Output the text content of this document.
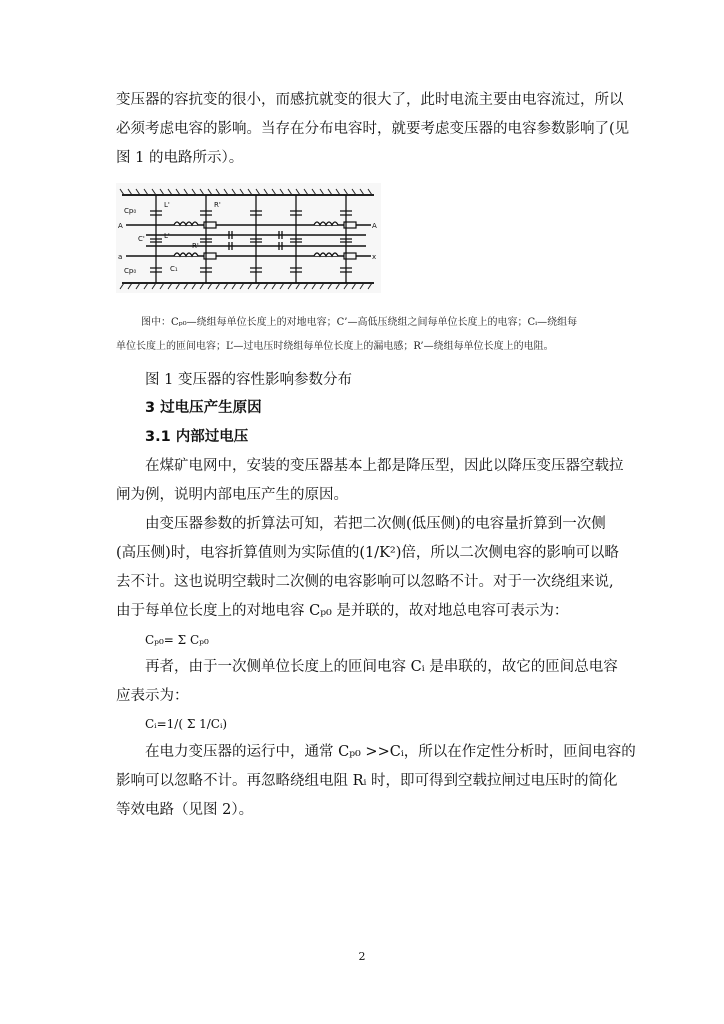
变压器的容抗变的很小，而感抗就变的很大了，此时电流主要由电容流过，所以

必须考虑电容的影响。当存在分布电容时，就要考虑变压器的电容参数影响了(见

图 1 的电路所示）。

Cp₀
L'	R'
A	A
C'	L'
R'
a	x
Cp₀	C₁
图中：Cₚ₀—绕组每单位长度上的对地电容；C’—高低压绕组之间每单位长度上的电容；Cᵢ—绕组每
单位长度上的匝间电容；L’—过电压时绕组每单位长度上的漏电感；R’—绕组每单位长度上的电阻。

图 1 变压器的容性影响参数分布

3 过电压产生原因

3.1 内部过电压

在煤矿电网中，安装的变压器基本上都是降压型，因此以降压变压器空载拉

闸为例，说明内部电压产生的原因。

由变压器参数的折算法可知，若把二次侧(低压侧)的电容量折算到一次侧

(高压侧)时，电容折算值则为实际值的(1/K²)倍，所以二次侧电容的影响可以略

去不计。这也说明空载时二次侧的电容影响可以忽略不计。对于一次绕组来说,

由于每单位长度上的对地电容 Cₚ₀ 是并联的，故对地总电容可表示为：

Cₚ₀= Σ Cₚ₀

再者，由于一次侧单位长度上的匝间电容 Cᵢ 是串联的，故它的匝间总电容

应表示为：

Cᵢ=1/( Σ 1/Cᵢ)

在电力变压器的运行中，通常 Cₚ₀ >>Cᵢ，所以在作定性分析时，匝间电容的

影响可以忽略不计。再忽略绕组电阻 Rᵢ 时，即可得到空载拉闸过电压时的简化

等效电路（见图 2）。

2
